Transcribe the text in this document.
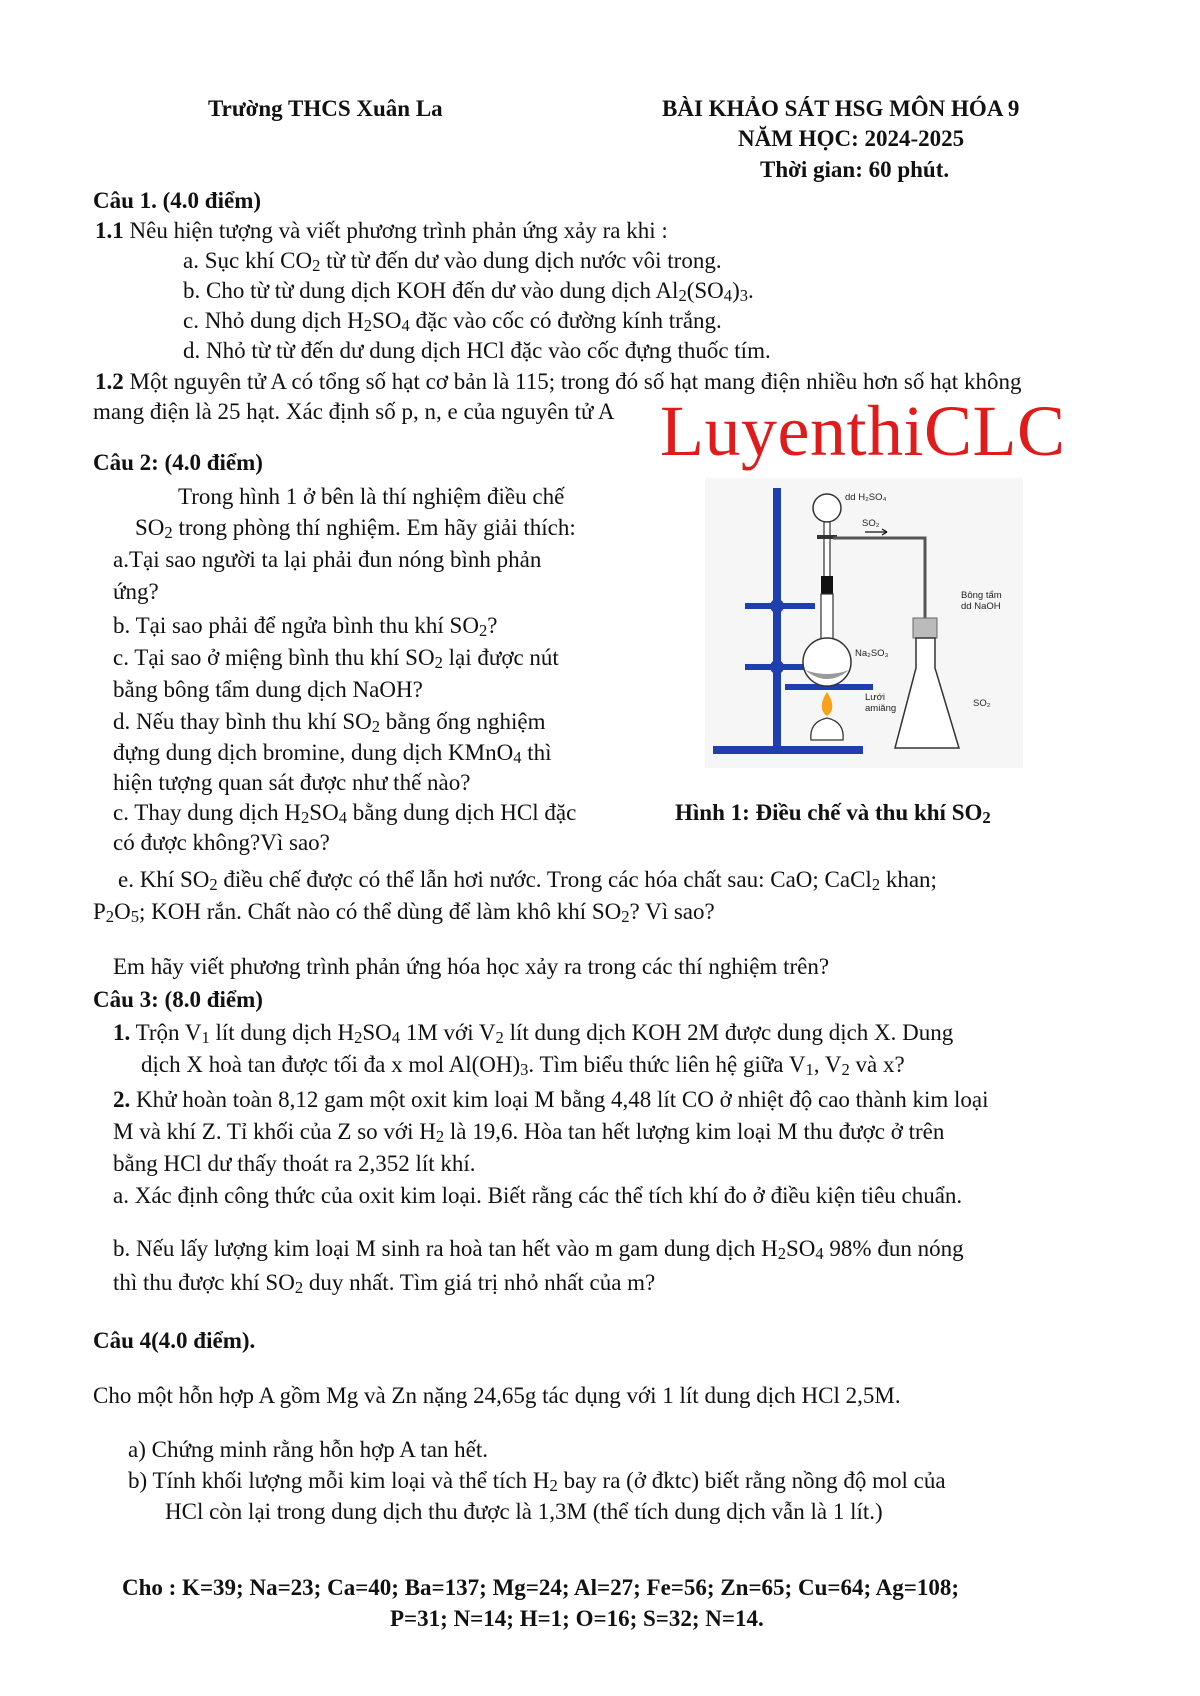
Trường THCS Xuân La	BÀI KHẢO SÁT HSG MÔN HÓA 9
NĂM HỌC: 2024-2025
Thời gian: 60 phút.
Câu 1. (4.0 điểm)
1.1 Nêu hiện tượng và viết phương trình phản ứng xảy ra khi :
a. Sục khí $CO_2$ từ từ đến dư vào dung dịch nước vôi trong.
b. Cho từ từ dung dịch KOH đến dư vào dung dịch $Al_2(SO_4)_3$.
c. Nhỏ dung dịch $H_2SO_4$ đặc vào cốc có đường kính trắng.
d. Nhỏ từ từ đến dư dung dịch HCl đặc vào cốc đựng thuốc tím.
1.2 Một nguyên tử A có tổng số hạt cơ bản là 115; trong đó số hạt mang điện nhiều hơn số hạt không
mang điện là 25 hạt. Xác định số p, n, e của nguyên tử A LuyenthiCLC
Câu 2: (4.0 điểm)
Trong hình 1 ở bên là thí nghiệm điều chế
$SO_2$ trong phòng thí nghiệm. Em hãy giải thích:
a.Tại sao người ta lại phải đun nóng bình phản
ứng?
b. Tại sao phải để ngửa bình thu khí $SO_2$?
c. Tại sao ở miệng bình thu khí $SO_2$ lại được nút
bằng bông tẩm dung dịch NaOH?
d. Nếu thay bình thu khí $SO_2$ bằng ống nghiệm
đựng dung dịch bromine, dung dịch KMnO$_4$ thì
hiện tượng quan sát được như thế nào?
c. Thay dung dịch $H_2SO_4$ bằng dung dịch HCl đặc
có được không?Vì sao?
dd H₂SO₄
SO₂
Na₂SO₃
Bông tẩm
dd NaOH
Lưới
amiăng	SO₂
Hình 1: Điều chế và thu khí $SO_2$
e. Khí $SO_2$ điều chế được có thể lẫn hơi nước. Trong các hóa chất sau: CaO; CaCl$_2$ khan;
$P_2O_5$; KOH rắn. Chất nào có thể dùng để làm khô khí $SO_2$? Vì sao?
Em hãy viết phương trình phản ứng hóa học xảy ra trong các thí nghiệm trên?
Câu 3: (8.0 điểm)
1. Trộn $V_1$ lít dung dịch $H_2SO_4$ 1M với $V_2$ lít dung dịch KOH 2M được dung dịch X. Dung
dịch X hoà tan được tối đa x mol $Al(OH)_3$. Tìm biểu thức liên hệ giữa $V_1$, $V_2$ và x?
2. Khử hoàn toàn 8,12 gam một oxit kim loại M bằng 4,48 lít CO ở nhiệt độ cao thành kim loại
M và khí Z. Tỉ khối của Z so với $H_2$ là 19,6. Hòa tan hết lượng kim loại M thu được ở trên
bằng HCl dư thấy thoát ra 2,352 lít khí.
a. Xác định công thức của oxit kim loại. Biết rằng các thể tích khí đo ở điều kiện tiêu chuẩn.
b. Nếu lấy lượng kim loại M sinh ra hoà tan hết vào m gam dung dịch $H_2SO_4$ 98% đun nóng
thì thu được khí $SO_2$ duy nhất. Tìm giá trị nhỏ nhất của m?
Câu 4(4.0 điểm).
Cho một hỗn hợp A gồm Mg và Zn nặng 24,65g tác dụng với 1 lít dung dịch HCl 2,5M.
a) Chứng minh rằng hỗn hợp A tan hết.
b) Tính khối lượng mỗi kim loại và thể tích $H_2$ bay ra (ở đktc) biết rằng nồng độ mol của
HCl còn lại trong dung dịch thu được là 1,3M (thể tích dung dịch vẫn là 1 lít.)
Cho : K=39; Na=23; Ca=40; Ba=137; Mg=24; Al=27; Fe=56; Zn=65; Cu=64; Ag=108;
P=31; N=14; H=1; O=16; S=32; N=14.
